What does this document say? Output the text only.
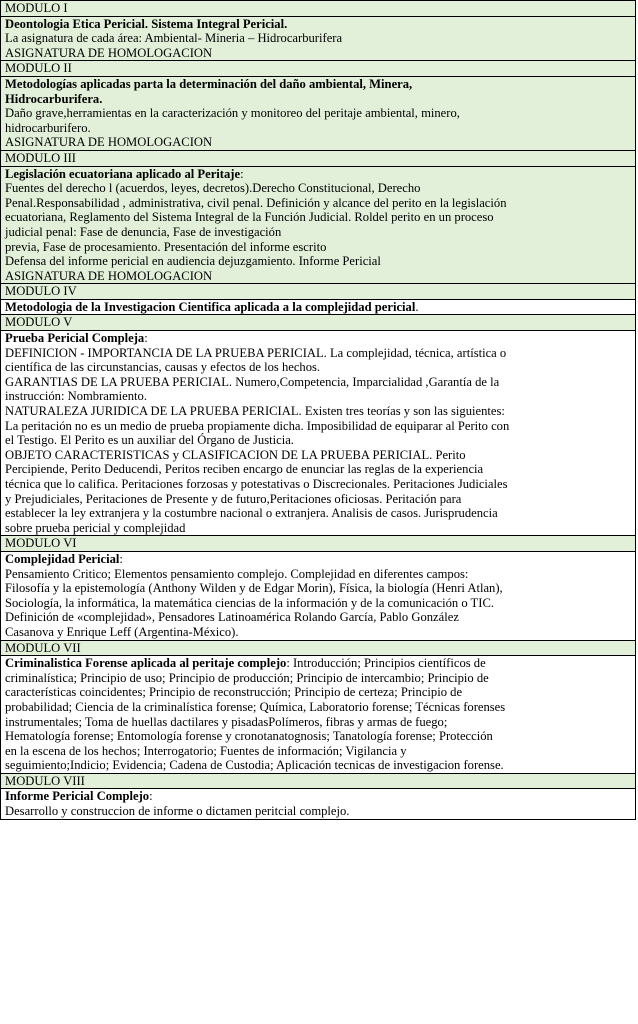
MODULO I
Deontologia Etica Pericial. Sistema Integral Pericial.
La asignatura de cada área: Ambiental- Mineria – Hidrocarburifera
ASIGNATURA DE HOMOLOGACION
MODULO II
Metodologías aplicadas parta la determinación del daño ambiental, Minera,
Hidrocarburifera.
Daño grave,herramientas en la caracterización y monitoreo del peritaje ambiental, minero,
hidrocarburifero.
ASIGNATURA DE HOMOLOGACION
MODULO III
Legislación ecuatoriana aplicado al Peritaje:
Fuentes del derecho l (acuerdos, leyes, decretos).Derecho Constitucional, Derecho
Penal.Responsabilidad , administrativa, civil penal. Definición y alcance del perito en la legislación
ecuatoriana, Reglamento del Sistema Integral de la Función Judicial. Roldel perito en un proceso
judicial penal: Fase de denuncia, Fase de investigación
previa, Fase de procesamiento. Presentación del informe escrito
Defensa del informe pericial en audiencia dejuzgamiento. Informe Pericial
ASIGNATURA DE HOMOLOGACION
MODULO IV
Metodologia de la Investigacion Cientifica aplicada a la complejidad pericial.
MODULO V
Prueba Pericial Compleja:
DEFINICION - IMPORTANCIA DE LA PRUEBA PERICIAL. La complejidad, técnica, artística o
científica de las circunstancias, causas y efectos de los hechos.
GARANTIAS DE LA PRUEBA PERICIAL. Numero,Competencia, Imparcialidad ,Garantía de la
instrucción: Nombramiento.
NATURALEZA JURIDICA DE LA PRUEBA PERICIAL. Existen tres teorías y son las siguientes:
La peritación no es un medio de prueba propiamente dicha. Imposibilidad de equiparar al Perito con
el Testigo. El Perito es un auxiliar del Órgano de Justicia.
OBJETO CARACTERISTICAS y CLASIFICACION DE LA PRUEBA PERICIAL. Perito
Percipiende, Perito Deducendi, Peritos reciben encargo de enunciar las reglas de la experiencia
técnica que lo califica. Peritaciones forzosas y potestativas o Discrecionales. Peritaciones Judiciales
y Prejudiciales, Peritaciones de Presente y de futuro,Peritaciones oficiosas. Peritación para
establecer la ley extranjera y la costumbre nacional o extranjera. Analisis de casos. Jurisprudencia
sobre prueba pericial y complejidad
MODULO VI
Complejidad Pericial:
Pensamiento Critico; Elementos pensamiento complejo. Complejidad en diferentes campos:
Filosofía y la epistemología (Anthony Wilden y de Edgar Morin), Física, la biología (Henri Atlan),
Sociología, la informática, la matemática ciencias de la información y de la comunicación o TIC.
Definición de «complejidad», Pensadores Latinoamérica Rolando García, Pablo González
Casanova y Enrique Leff (Argentina-México).
MODULO VII
Criminalistica Forense aplicada al peritaje complejo: Introducción; Principios científicos de
criminalística; Principio de uso; Principio de producción; Principio de intercambio; Principio de
características coincidentes; Principio de reconstrucción; Principio de certeza; Principio de
probabilidad; Ciencia de la criminalística forense; Química, Laboratorio forense; Técnicas forenses
instrumentales; Toma de huellas dactilares y pisadasPolímeros, fibras y armas de fuego;
Hematología forense; Entomología forense y cronotanatognosis; Tanatología forense; Protección
en la escena de los hechos; Interrogatorio; Fuentes de información; Vigilancia y
seguimiento;Indicio; Evidencia; Cadena de Custodia; Aplicación tecnicas de investigacion forense.
MODULO VIII
Informe Pericial Complejo:
Desarrollo y construccion de informe o dictamen peritcial complejo.
